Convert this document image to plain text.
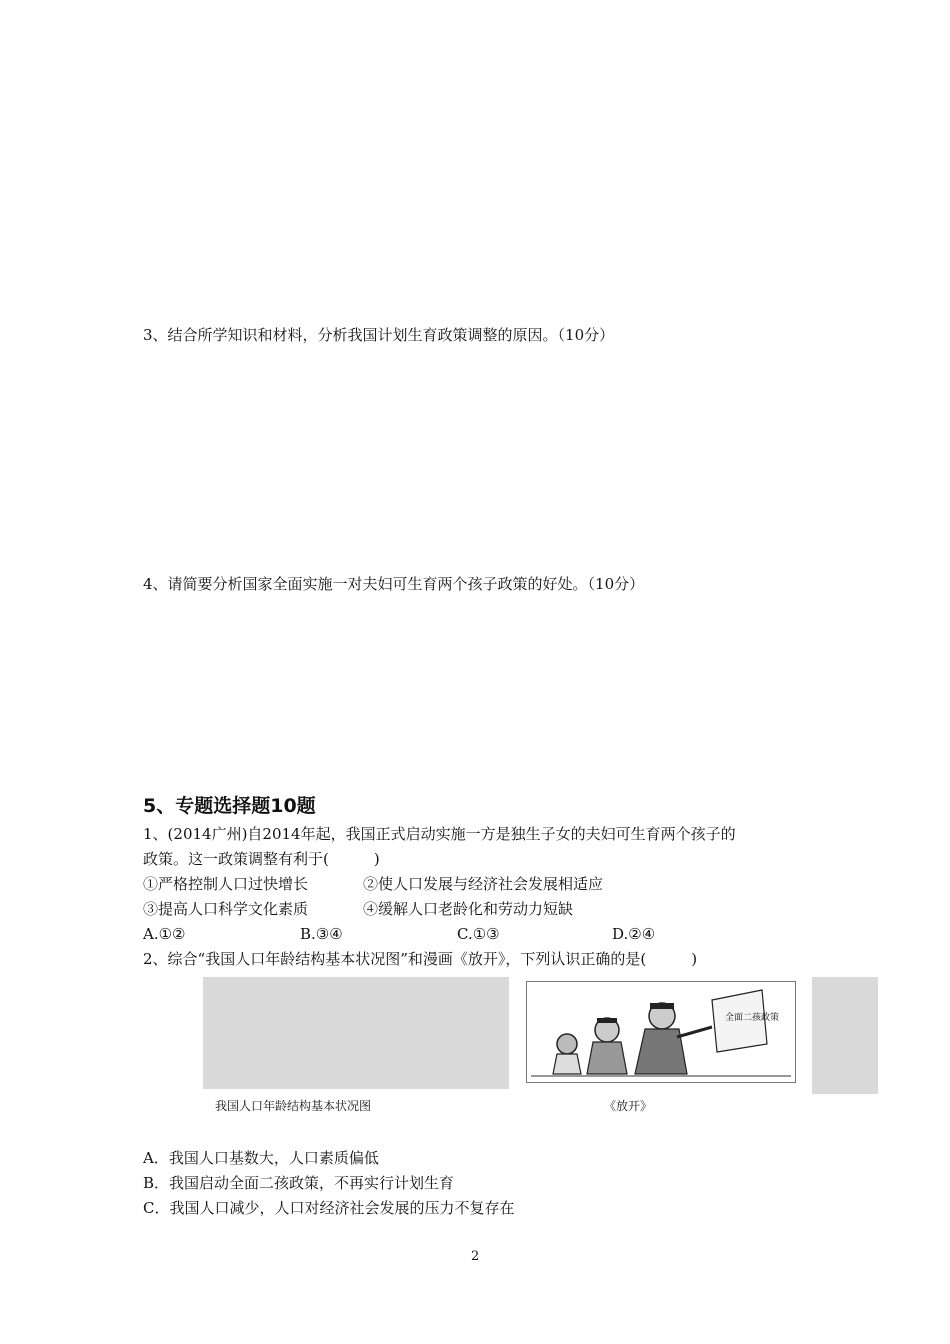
3、结合所学知识和材料，分析我国计划生育政策调整的原因。（10分）
4、请简要分析国家全面实施一对夫妇可生育两个孩子政策的好处。（10分）
5、专题选择题10题
1、(2014广州)自2014年起，我国正式启动实施一方是独生子女的夫妇可生育两个孩子的
政策。这一政策调整有利于(　　　)
①严格控制人口过快增长	②使人口发展与经济社会发展相适应
③提高人口科学文化素质	④缓解人口老龄化和劳动力短缺
A.①②	B.③④	C.①③	D.②④
2、综合“我国人口年龄结构基本状况图”和漫画《放开》，下列认识正确的是(　　　)
全面二孩政策
我国人口年龄结构基本状况图	《放开》
A．我国人口基数大，人口素质偏低
B．我国启动全面二孩政策，不再实行计划生育
C．我国人口减少，人口对经济社会发展的压力不复存在
2
